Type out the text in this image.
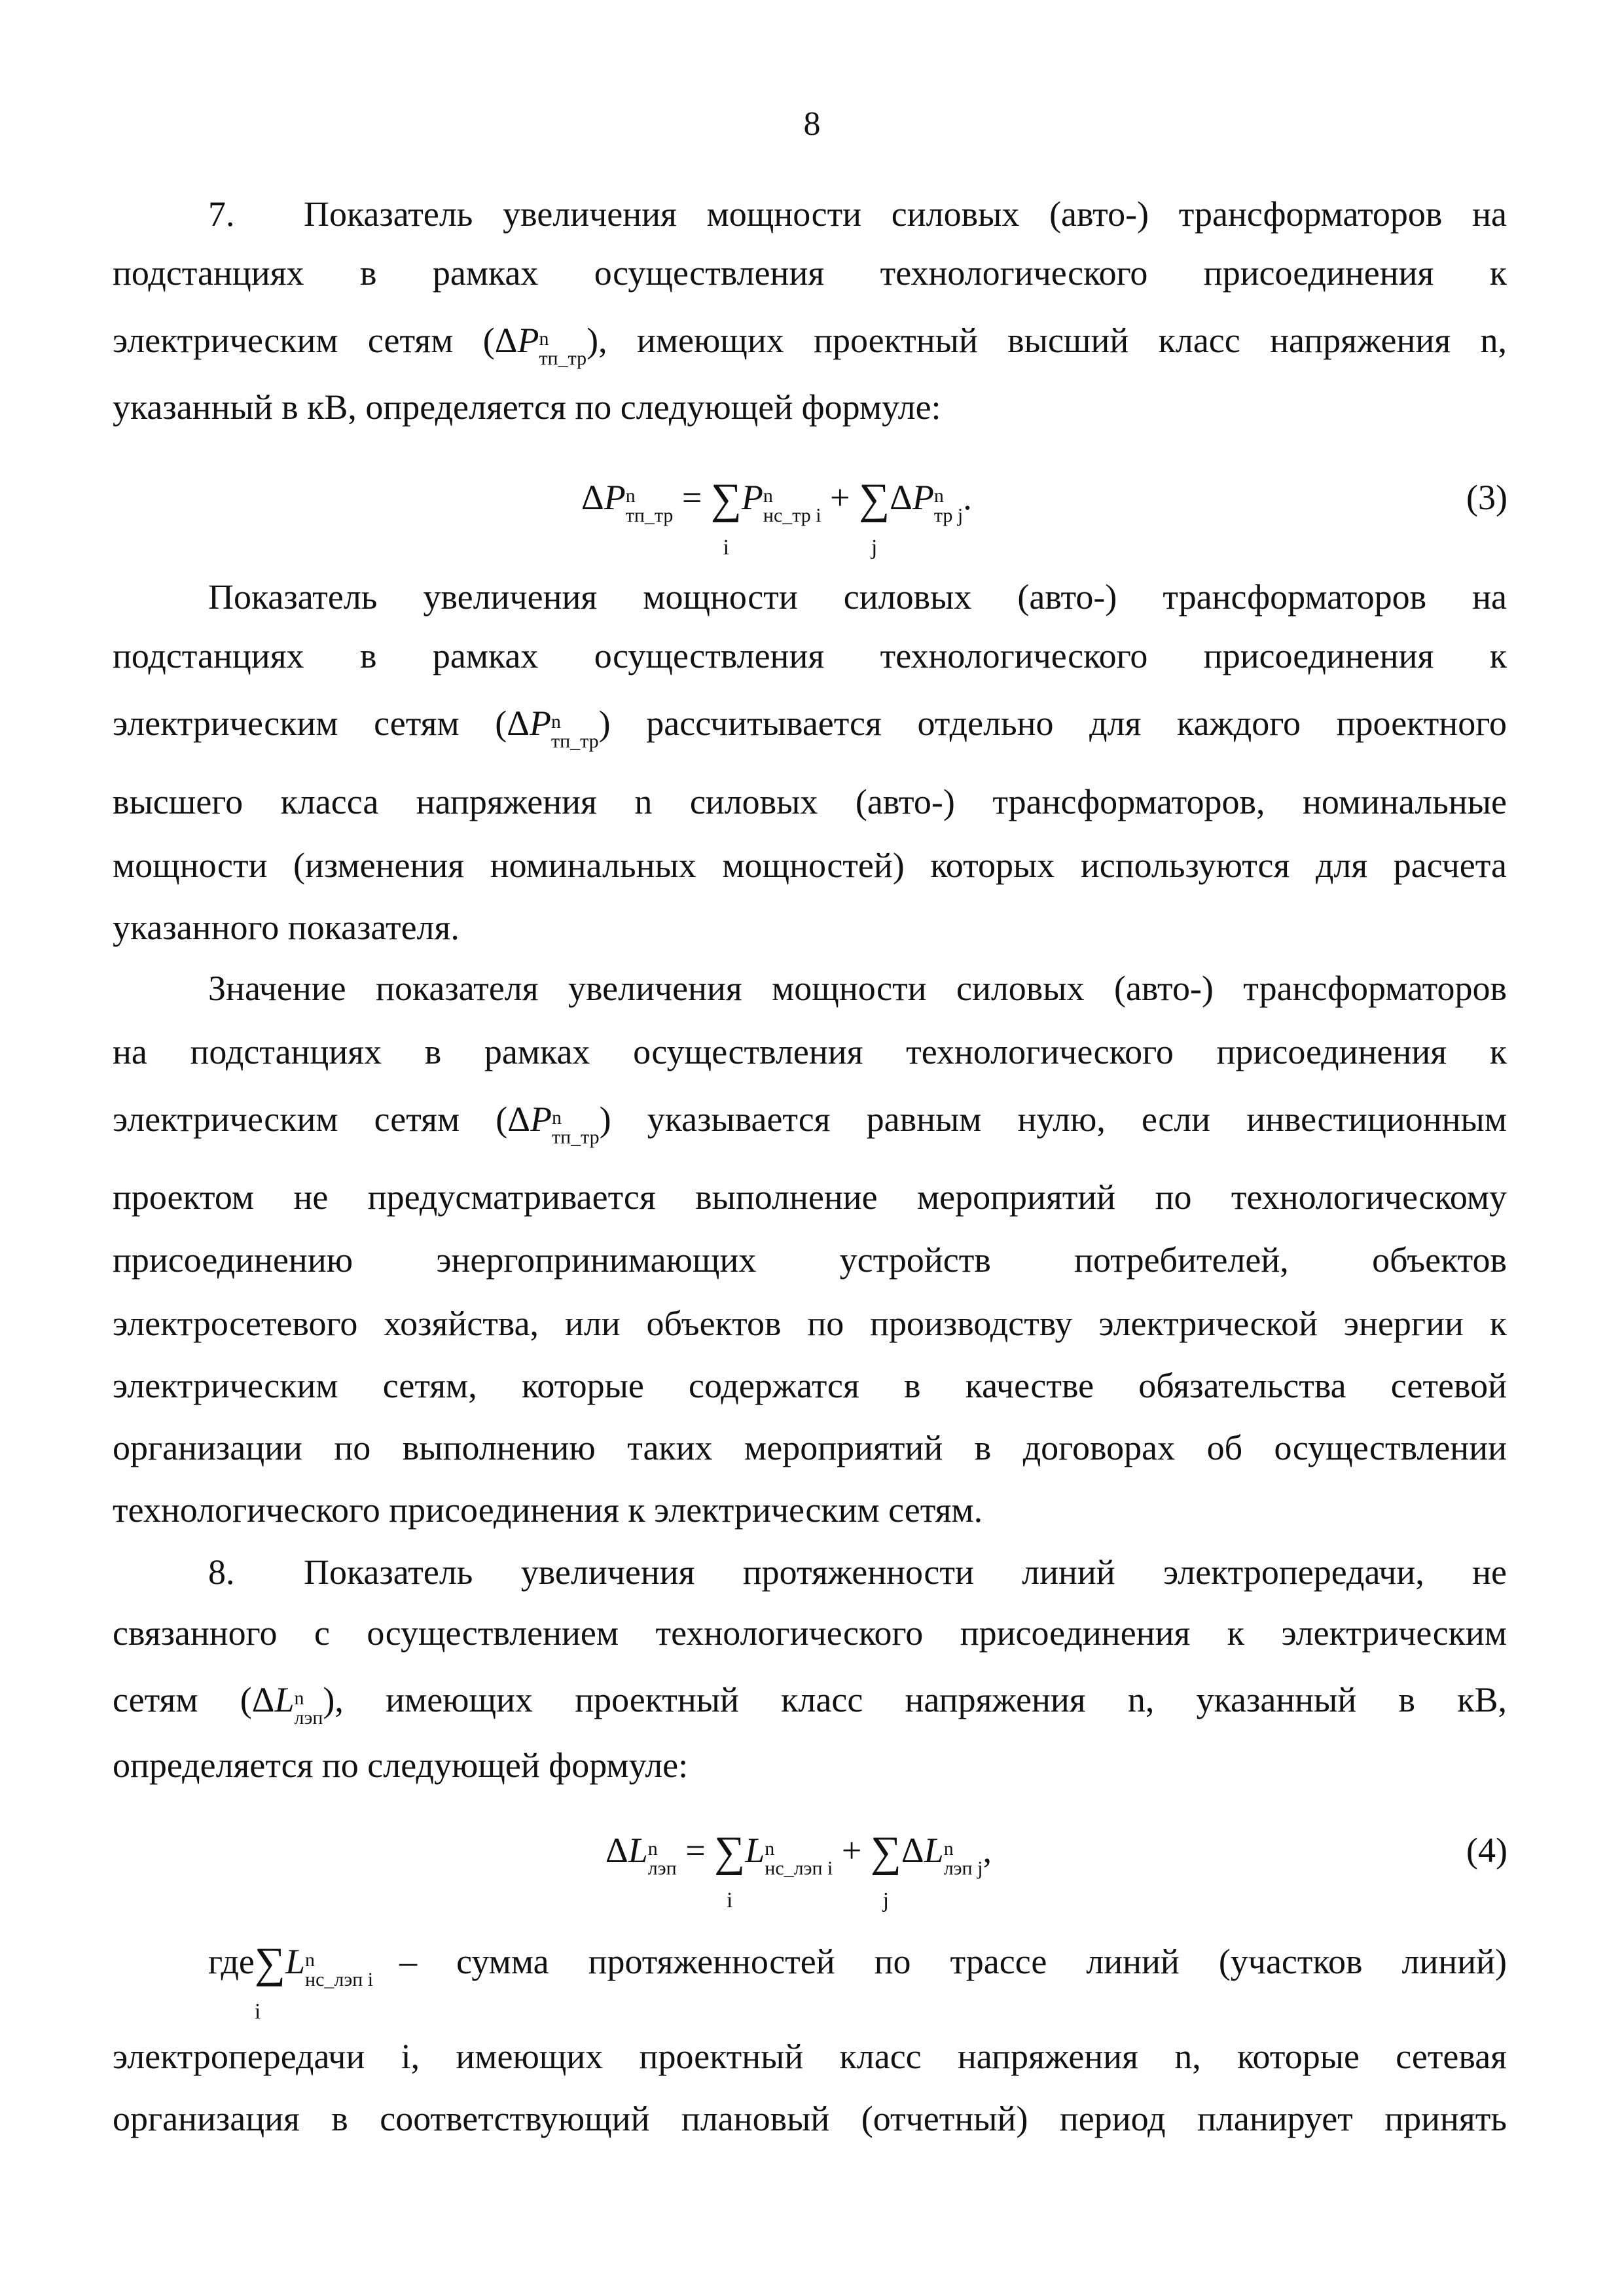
8
7. Показатель увеличения мощности силовых (авто-) трансформаторов на
подстанциях в рамках осуществления технологического присоединения к
электрическим сетям (ΔP n
тп_тр ), имеющих проектный высший класс напряжения n,
указанный в кВ, определяется по следующей формуле:
ΔP n
тп_тр = ∑
i
P n
нс_тр i + ∑
j
ΔP n
тр j .	(3)
Показатель увеличения мощности силовых (авто-) трансформаторов на
подстанциях в рамках осуществления технологического присоединения к
электрическим сетям (ΔP n
тп_тр ) рассчитывается отдельно для каждого проектного
высшего класса напряжения n силовых (авто-) трансформаторов, номинальные
мощности (изменения номинальных мощностей) которых используются для расчета
указанного показателя.
Значение показателя увеличения мощности силовых (авто-) трансформаторов
на подстанциях в рамках осуществления технологического присоединения к
электрическим сетям (ΔP n
тп_тр ) указывается равным нулю, если инвестиционным
проектом не предусматривается выполнение мероприятий по технологическому
присоединению энергопринимающих устройств потребителей, объектов
электросетевого хозяйства, или объектов по производству электрической энергии к
электрическим сетям, которые содержатся в качестве обязательства сетевой
организации по выполнению таких мероприятий в договорах об осуществлении
технологического присоединения к электрическим сетям.
8. Показатель увеличения протяженности линий электропередачи, не
связанного с осуществлением технологического присоединения к электрическим
сетям (ΔL n
лэп ), имеющих проектный класс напряжения n, указанный в кВ,
определяется по следующей формуле:
ΔL n
лэп = ∑
i
L n
нс_лэп i + ∑
j
ΔL n
лэп j ,	(4)
где∑
i
L n
нс_лэп i – сумма протяженностей по трассе линий (участков линий)
электропередачи i, имеющих проектный класс напряжения n, которые сетевая
организация в соответствующий плановый (отчетный) период планирует принять
